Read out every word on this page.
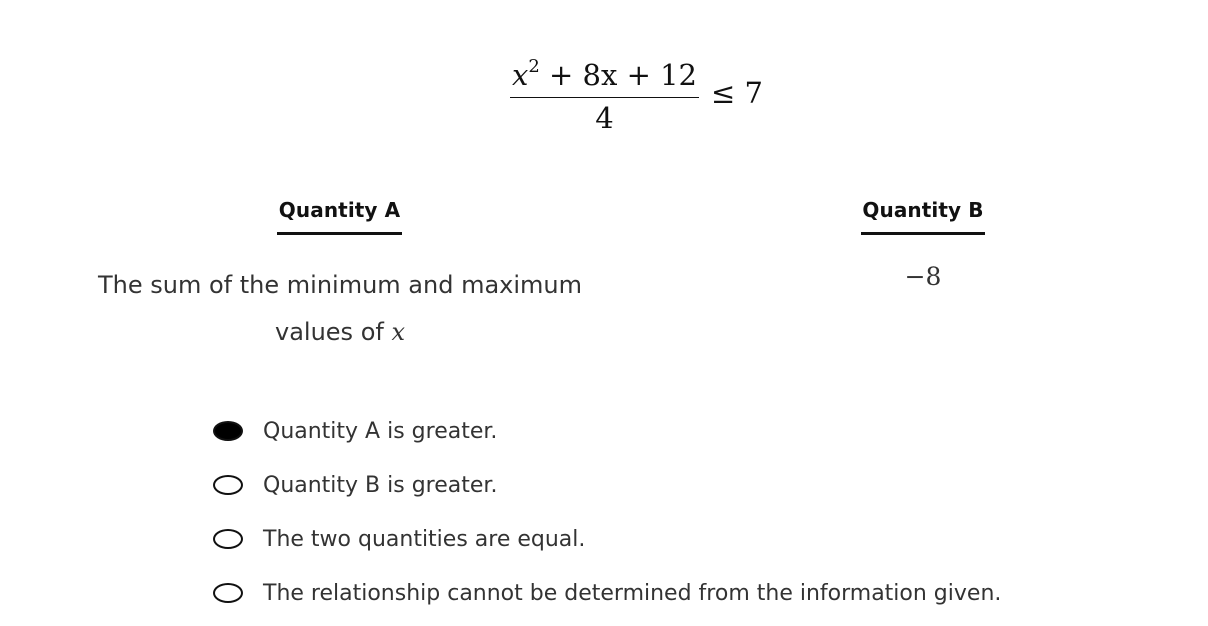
$\frac{x^2 + 8x + 12}{4} \le 7$
Quantity A
The sum of the minimum and maximum
values of x
Quantity B
−8
Quantity A is greater.
Quantity B is greater.
The two quantities are equal.
The relationship cannot be determined from the information given.
